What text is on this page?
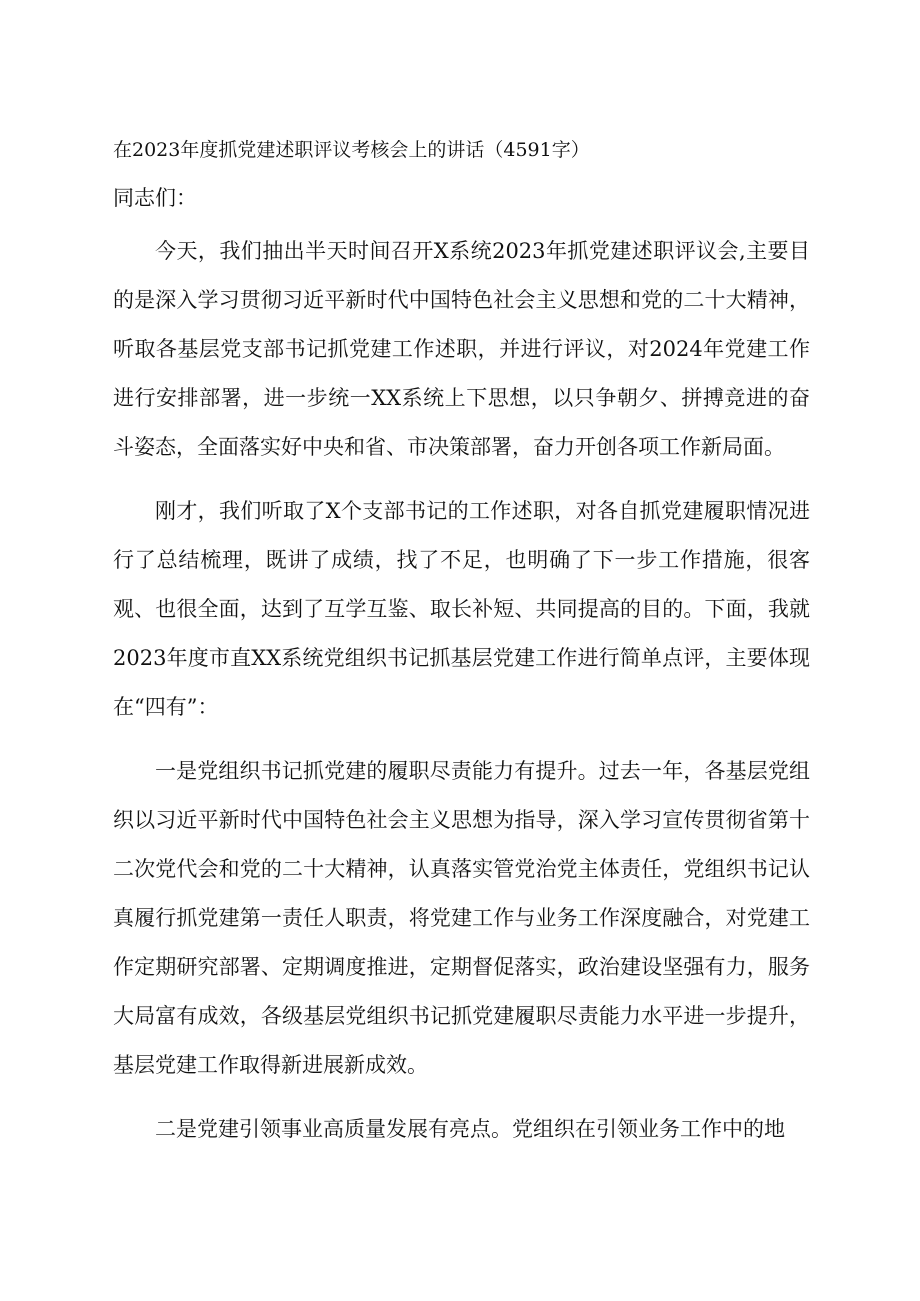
在2023年度抓党建述职评议考核会上的讲话（4591字）
同志们：

今天，我们抽出半天时间召开X系统2023年抓党建述职评议会,主要目的是深入学习贯彻习近平新时代中国特色社会主义思想和党的二十大精神，听取各基层党支部书记抓党建工作述职，并进行评议，对2024年党建工作进行安排部署，进一步统一XX系统上下思想，以只争朝夕、拼搏竞进的奋斗姿态，全面落实好中央和省、市决策部署，奋力开创各项工作新局面。

刚才，我们听取了X个支部书记的工作述职，对各自抓党建履职情况进行了总结梳理，既讲了成绩，找了不足，也明确了下一步工作措施，很客观、也很全面，达到了互学互鉴、取长补短、共同提高的目的。下面，我就2023年度市直XX系统党组织书记抓基层党建工作进行简单点评，主要体现在“四有”：

一是党组织书记抓党建的履职尽责能力有提升。过去一年，各基层党组织以习近平新时代中国特色社会主义思想为指导，深入学习宣传贯彻省第十二次党代会和党的二十大精神，认真落实管党治党主体责任，党组织书记认真履行抓党建第一责任人职责，将党建工作与业务工作深度融合，对党建工作定期研究部署、定期调度推进，定期督促落实，政治建设坚强有力，服务大局富有成效，各级基层党组织书记抓党建履职尽责能力水平进一步提升，基层党建工作取得新进展新成效。

二是党建引领事业高质量发展有亮点。党组织在引领业务工作中的地
